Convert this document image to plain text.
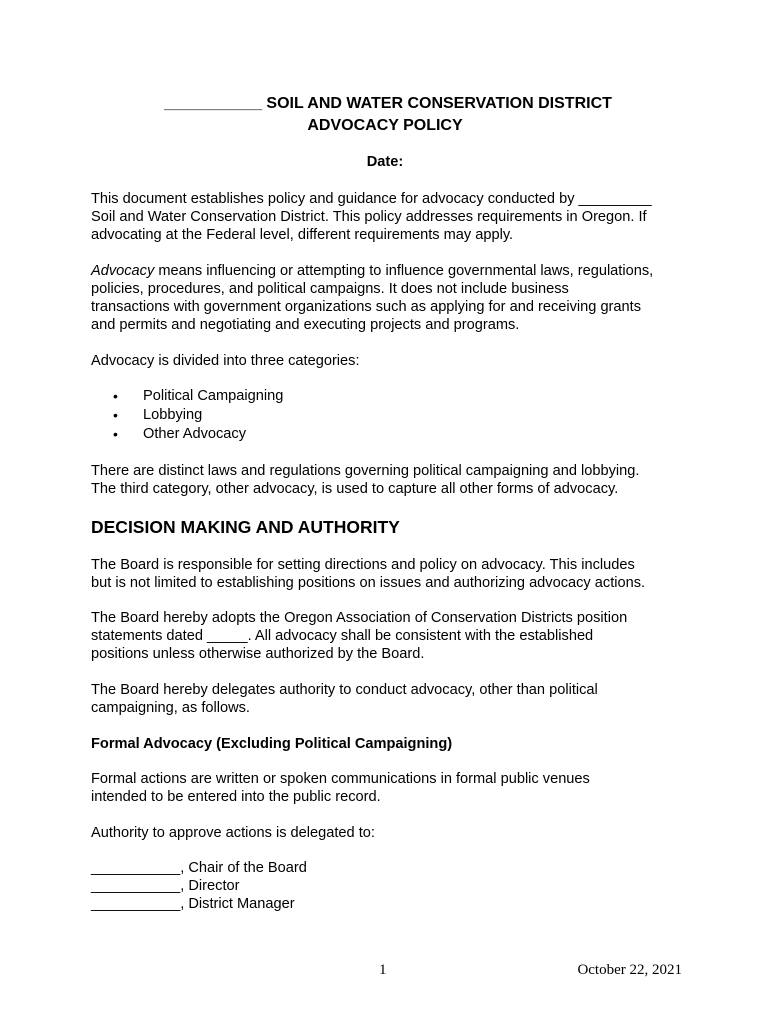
___________ SOIL AND WATER CONSERVATION DISTRICT
ADVOCACY POLICY
Date:

This document establishes policy and guidance for advocacy conducted by _________

Soil and Water Conservation District. This policy addresses requirements in Oregon. If

advocating at the Federal level, different requirements may apply.

Advocacy means influencing or attempting to influence governmental laws, regulations,

policies, procedures, and political campaigns. It does not include business

transactions with government organizations such as applying for and receiving grants

and permits and negotiating and executing projects and programs.

Advocacy is divided into three categories:

• Political Campaigning
• Lobbying
• Other Advocacy

There are distinct laws and regulations governing political campaigning and lobbying.

The third category, other advocacy, is used to capture all other forms of advocacy.

DECISION MAKING AND AUTHORITY

The Board is responsible for setting directions and policy on advocacy. This includes

but is not limited to establishing positions on issues and authorizing advocacy actions.

The Board hereby adopts the Oregon Association of Conservation Districts position

statements dated _____. All advocacy shall be consistent with the established

positions unless otherwise authorized by the Board.

The Board hereby delegates authority to conduct advocacy, other than political

campaigning, as follows.

Formal Advocacy (Excluding Political Campaigning)

Formal actions are written or spoken communications in formal public venues

intended to be entered into the public record.

Authority to approve actions is delegated to:

___________, Chair of the Board

___________, Director

___________, District Manager

1	October 22, 2021
